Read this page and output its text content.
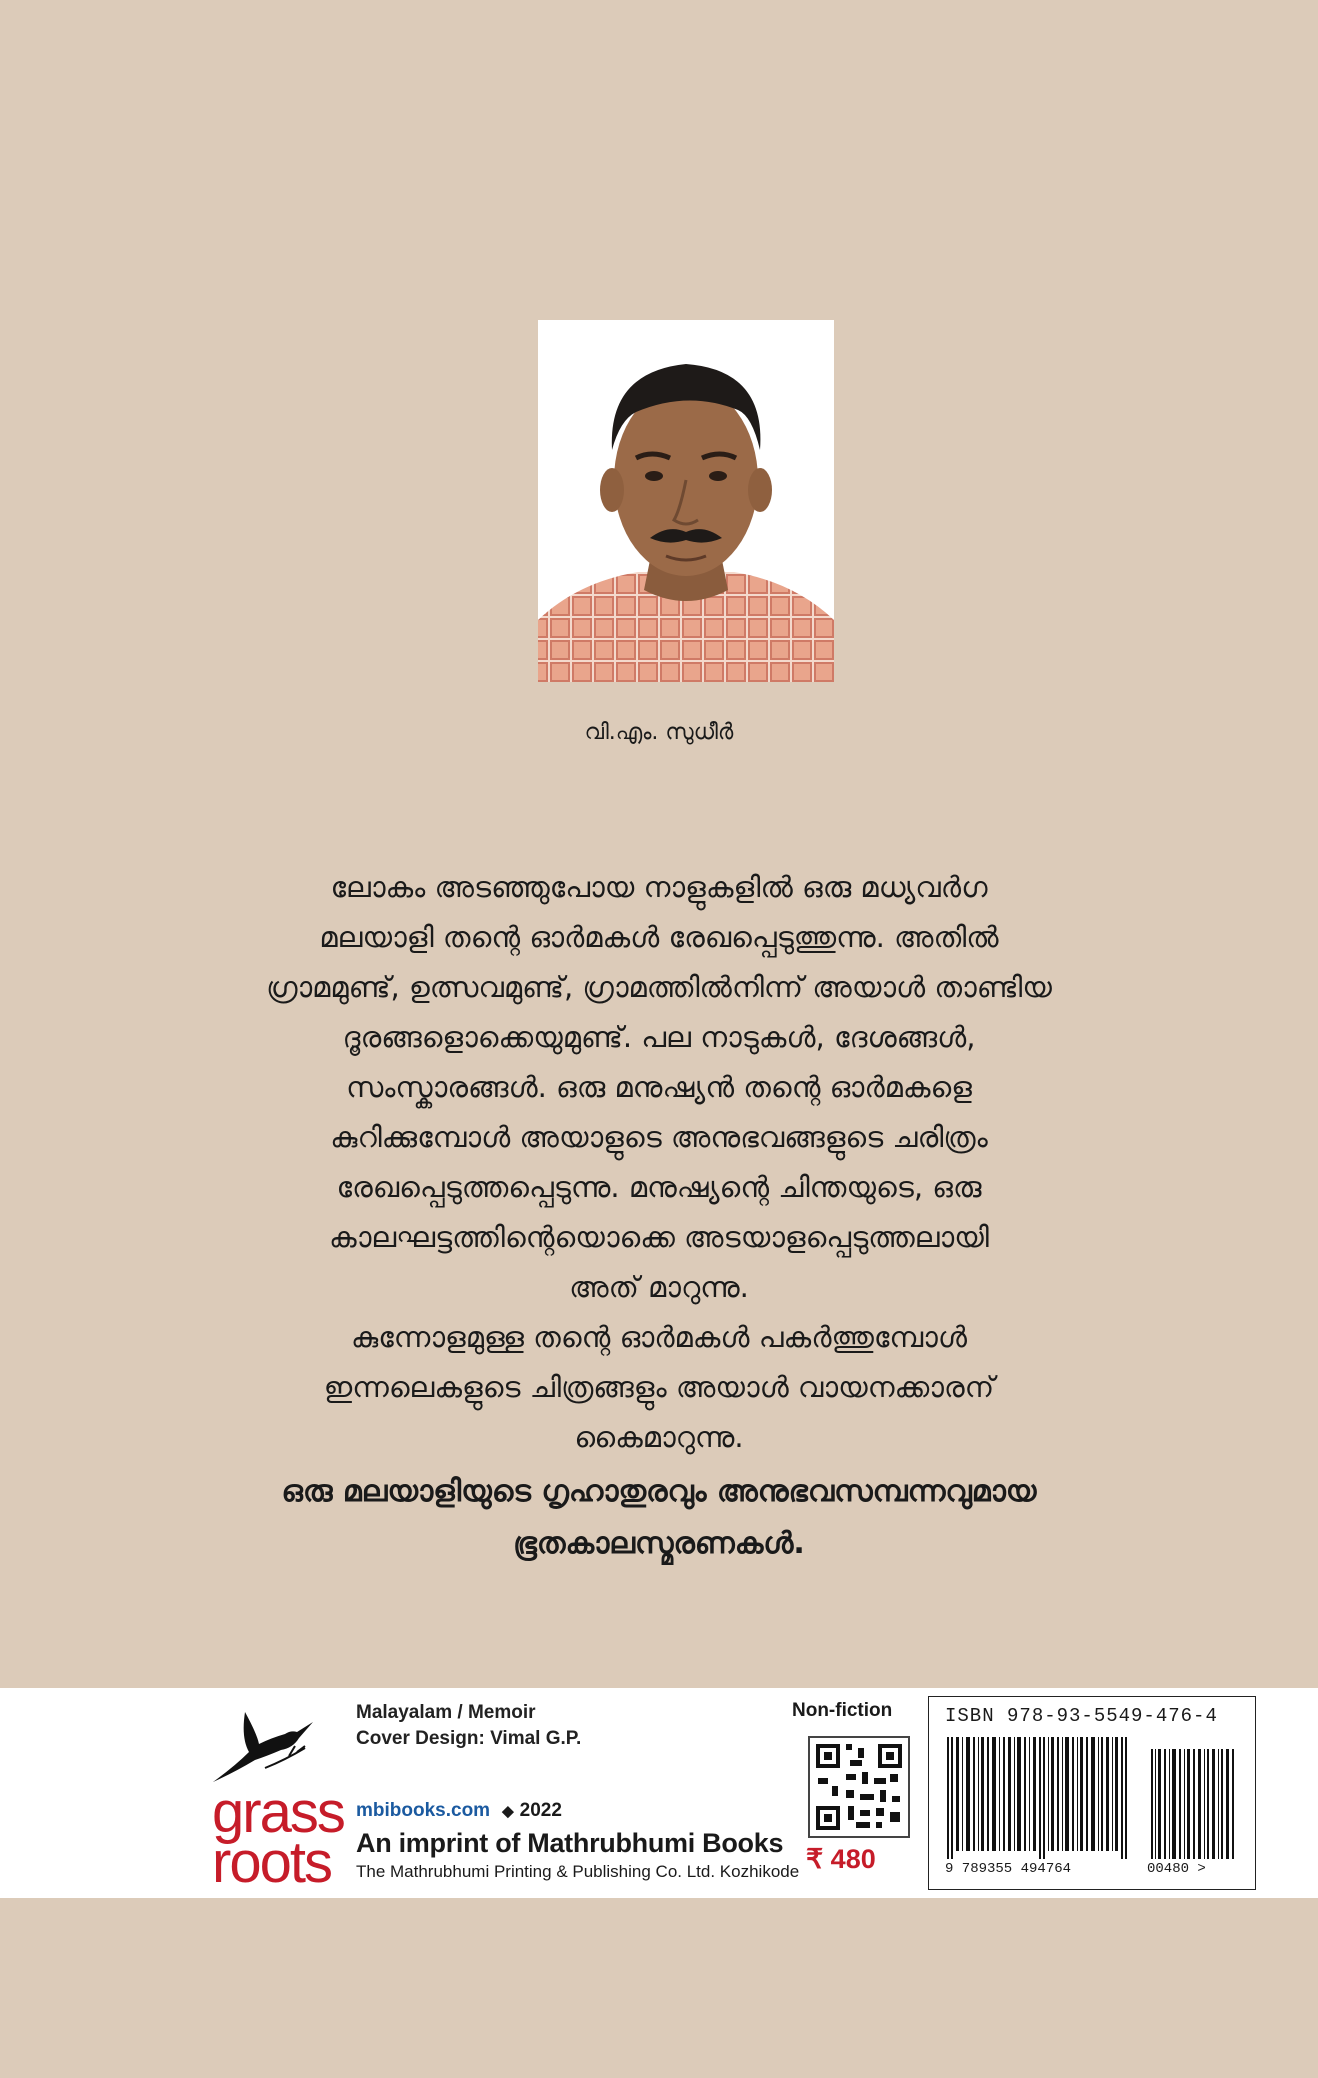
വി.എം. സുധീർ

ലോകം അടഞ്ഞുപോയ നാളുകളിൽ ഒരു മധ്യവർഗ

മലയാളി തന്റെ ഓർമകൾ രേഖപ്പെടുത്തുന്നു. അതിൽ

ഗ്രാമമുണ്ട്, ഉത്സവമുണ്ട്, ഗ്രാമത്തിൽനിന്ന് അയാൾ താണ്ടിയ

ദൂരങ്ങളൊക്കെയുമുണ്ട്. പല നാടുകൾ, ദേശങ്ങൾ,

സംസ്കാരങ്ങൾ. ഒരു മനുഷ്യൻ തന്റെ ഓർമകളെ

കുറിക്കുമ്പോൾ അയാളുടെ അനുഭവങ്ങളുടെ ചരിത്രം

രേഖപ്പെടുത്തപ്പെടുന്നു. മനുഷ്യന്റെ ചിന്തയുടെ, ഒരു

കാലഘട്ടത്തിന്റെയൊക്കെ അടയാളപ്പെടുത്തലായി

അത് മാറുന്നു.

കുന്നോളമുള്ള തന്റെ ഓർമകൾ പകർത്തുമ്പോൾ

ഇന്നലെകളുടെ ചിത്രങ്ങളും അയാൾ വായനക്കാരന്

കൈമാറുന്നു.

ഒരു മലയാളിയുടെ ഗൃഹാതുരവും അനുഭവസമ്പന്നവുമായ

ഭൂതകാലസ്മരണകൾ.

grass
roots
Malayalam / Memoir
Cover Design: Vimal G.P.
mbibooks.com ◆ 2022
An imprint of Mathrubhumi Books
The Mathrubhumi Printing & Publishing Co. Ltd. Kozhikode
Non-fiction
₹ 480
ISBN 978-93-5549-476-4
9 789355 494764	00480 >
